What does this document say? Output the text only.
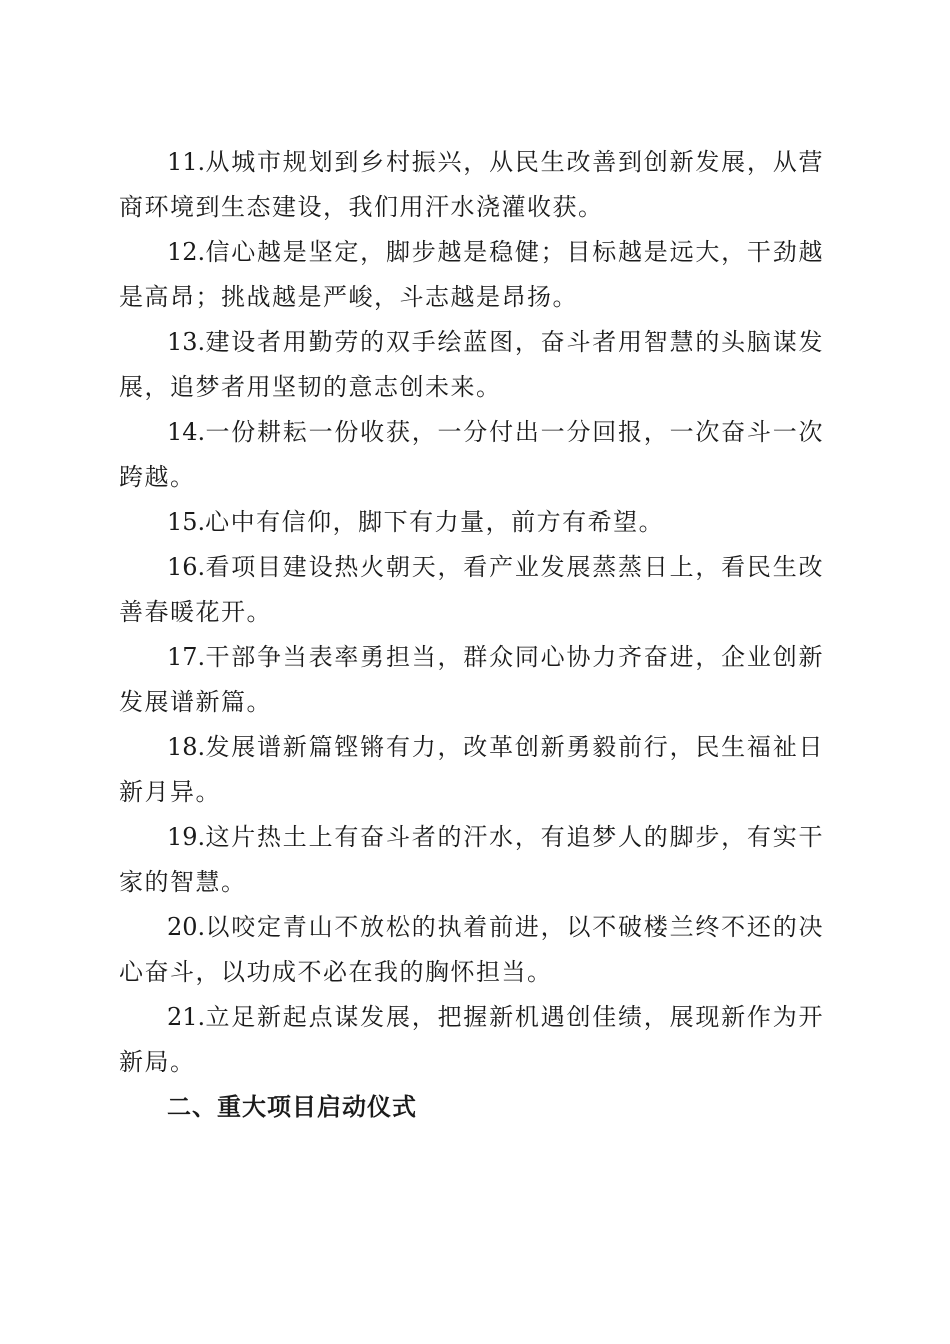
11.从城市规划到乡村振兴，从民生改善到创新发展，从营商环境到生态建设，我们用汗水浇灌收获。

12.信心越是坚定，脚步越是稳健；目标越是远大，干劲越是高昂；挑战越是严峻，斗志越是昂扬。

13.建设者用勤劳的双手绘蓝图，奋斗者用智慧的头脑谋发展，追梦者用坚韧的意志创未来。

14.一份耕耘一份收获，一分付出一分回报，一次奋斗一次跨越。

15.心中有信仰，脚下有力量，前方有希望。

16.看项目建设热火朝天，看产业发展蒸蒸日上，看民生改善春暖花开。

17.干部争当表率勇担当，群众同心协力齐奋进，企业创新发展谱新篇。

18.发展谱新篇铿锵有力，改革创新勇毅前行，民生福祉日新月异。

19.这片热土上有奋斗者的汗水，有追梦人的脚步，有实干家的智慧。

20.以咬定青山不放松的执着前进，以不破楼兰终不还的决心奋斗，以功成不必在我的胸怀担当。

21.立足新起点谋发展，把握新机遇创佳绩，展现新作为开新局。

二、重大项目启动仪式
